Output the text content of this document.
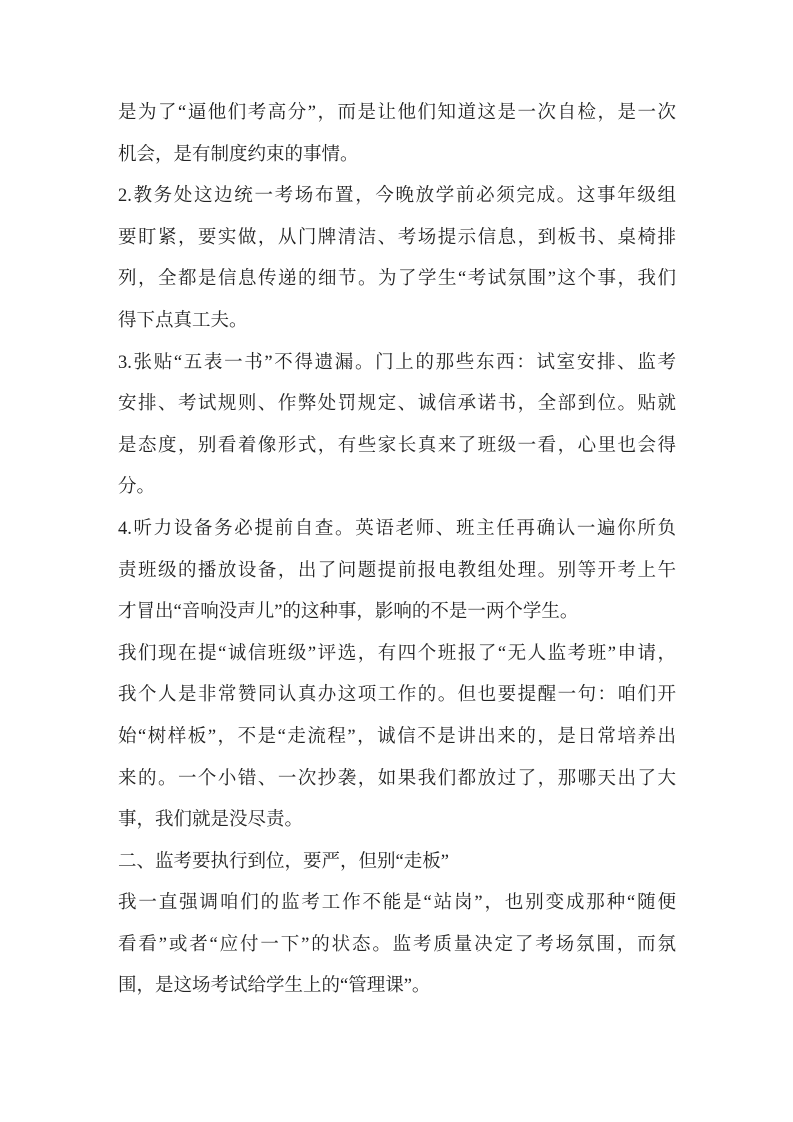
是为了“逼他们考高分”，而是让他们知道这是一次自检，是一次
机会，是有制度约束的事情。
2.教务处这边统一考场布置，今晚放学前必须完成。这事年级组
要盯紧，要实做，从门牌清洁、考场提示信息，到板书、桌椅排
列，全都是信息传递的细节。为了学生“考试氛围”这个事，我们
得下点真工夫。
3.张贴“五表一书”不得遗漏。门上的那些东西：试室安排、监考
安排、考试规则、作弊处罚规定、诚信承诺书，全部到位。贴就
是态度，别看着像形式，有些家长真来了班级一看，心里也会得
分。
4.听力设备务必提前自查。英语老师、班主任再确认一遍你所负
责班级的播放设备，出了问题提前报电教组处理。别等开考上午
才冒出“音响没声儿”的这种事，影响的不是一两个学生。
我们现在提“诚信班级”评选，有四个班报了“无人监考班”申请，
我个人是非常赞同认真办这项工作的。但也要提醒一句：咱们开
始“树样板”，不是“走流程”，诚信不是讲出来的，是日常培养出
来的。一个小错、一次抄袭，如果我们都放过了，那哪天出了大
事，我们就是没尽责。
二、监考要执行到位，要严，但别“走板”
我一直强调咱们的监考工作不能是“站岗”，也别变成那种“随便
看看”或者“应付一下”的状态。监考质量决定了考场氛围，而氛
围，是这场考试给学生上的“管理课”。
